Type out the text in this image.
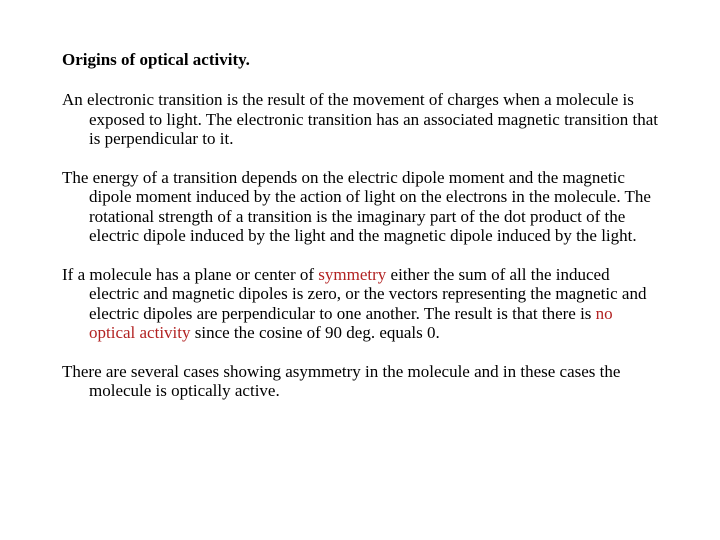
Origins of optical activity.
An electronic transition is the result of the movement of charges when a molecule is exposed to light. The electronic transition has an associated magnetic transition that is perpendicular to it.
The energy of a transition depends on the electric dipole moment and the magnetic dipole moment induced by the action of light on the electrons in the molecule. The rotational strength of a transition is the imaginary part of the dot product of the electric dipole induced by the light and the magnetic dipole induced by the light.
If a molecule has a plane or center of symmetry either the sum of all the induced electric and magnetic dipoles is zero, or the vectors representing the magnetic and electric dipoles are perpendicular to one another. The result is that there is no optical activity since the cosine of 90 deg. equals 0.
There are several cases showing asymmetry in the molecule and in these cases the molecule is optically active.
